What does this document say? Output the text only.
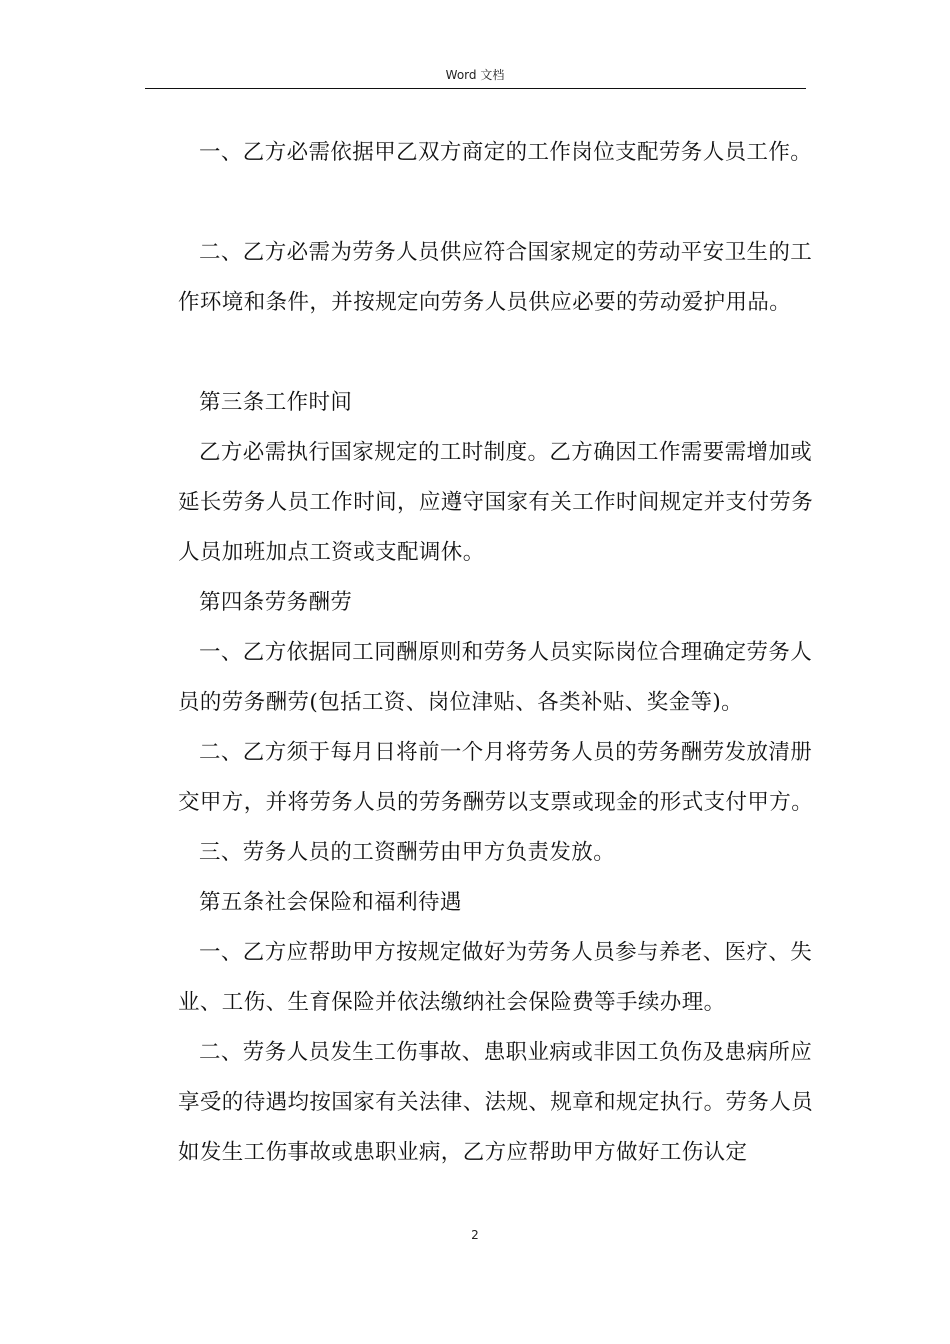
Word 文档

一、乙方必需依据甲乙双方商定的工作岗位支配劳务人员工作。

二、乙方必需为劳务人员供应符合国家规定的劳动平安卫生的工作环境和条件，并按规定向劳务人员供应必要的劳动爱护用品。

第三条工作时间

乙方必需执行国家规定的工时制度。乙方确因工作需要需增加或延长劳务人员工作时间，应遵守国家有关工作时间规定并支付劳务人员加班加点工资或支配调休。

第四条劳务酬劳

一、乙方依据同工同酬原则和劳务人员实际岗位合理确定劳务人员的劳务酬劳(包括工资、岗位津贴、各类补贴、奖金等)。

二、乙方须于每月日将前一个月将劳务人员的劳务酬劳发放清册交甲方，并将劳务人员的劳务酬劳以支票或现金的形式支付甲方。

三、劳务人员的工资酬劳由甲方负责发放。

第五条社会保险和福利待遇

一、乙方应帮助甲方按规定做好为劳务人员参与养老、医疗、失业、工伤、生育保险并依法缴纳社会保险费等手续办理。

二、劳务人员发生工伤事故、患职业病或非因工负伤及患病所应享受的待遇均按国家有关法律、法规、规章和规定执行。劳务人员如发生工伤事故或患职业病，乙方应帮助甲方做好工伤认定

2
